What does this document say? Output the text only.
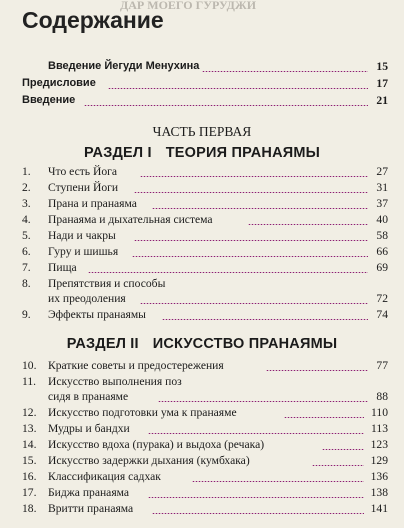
ДАР МОЕГО ГУРУДЖИ
Содержание
Введение Йегуди Менухина	15
Предисловие	17
Введение	21
ЧАСТЬ ПЕРВАЯ
РАЗДЕЛ I ТЕОРИЯ ПРАНАЯМЫ
1.	Что есть Йога	27
2.	Ступени Йоги	31
3.	Прана и пранаяма	37
4.	Пранаяма и дыхательная система	40
5.	Нади и чакры	58
6.	Гуру и шишья	66
7.	Пища	69
8.	Препятствия и способы
их преодоления	72
9.	Эффекты пранаямы	74
РАЗДЕЛ II ИСКУССТВО ПРАНАЯМЫ
10. Краткие советы и предостережения	77
11.	Искусство выполнения поз
сидя в пранаяме	88
12. Искусство подготовки ума к пранаяме	110
13. Мудры и бандхи	113
14. Искусство вдоха (пурака) и выдоха (речака)	123
15. Искусство задержки дыхания (кумбхака)	129
16. Классификация садхак	136
17. Биджа пранаяма	138
18. Вритти пранаяма	141
